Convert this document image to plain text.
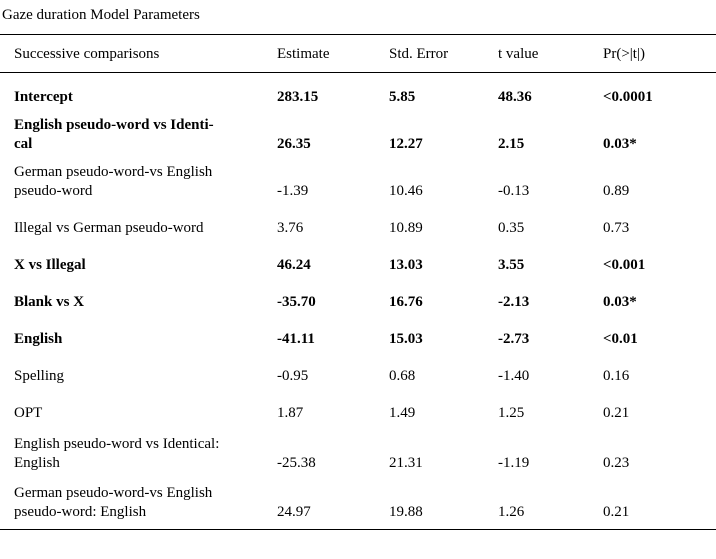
Gaze duration Model Parameters
Successive comparisons	Estimate	Std. Error	t value	Pr(>|t|)
Intercept	283.15	5.85	48.36	<0.0001
English pseudo-word vs Identi-
cal	26.35	12.27	2.15	0.03*
German pseudo-word-vs English
pseudo-word	-1.39	10.46	-0.13	0.89
Illegal vs German pseudo-word	3.76	10.89	0.35	0.73
X vs Illegal	46.24	13.03	3.55	<0.001
Blank vs X	-35.70	16.76	-2.13	0.03*
English	-41.11	15.03	-2.73	<0.01
Spelling	-0.95	0.68	-1.40	0.16
OPT	1.87	1.49	1.25	0.21
English pseudo-word vs Identical:
English	-25.38	21.31	-1.19	0.23
German pseudo-word-vs English
pseudo-word: English	24.97	19.88	1.26	0.21
